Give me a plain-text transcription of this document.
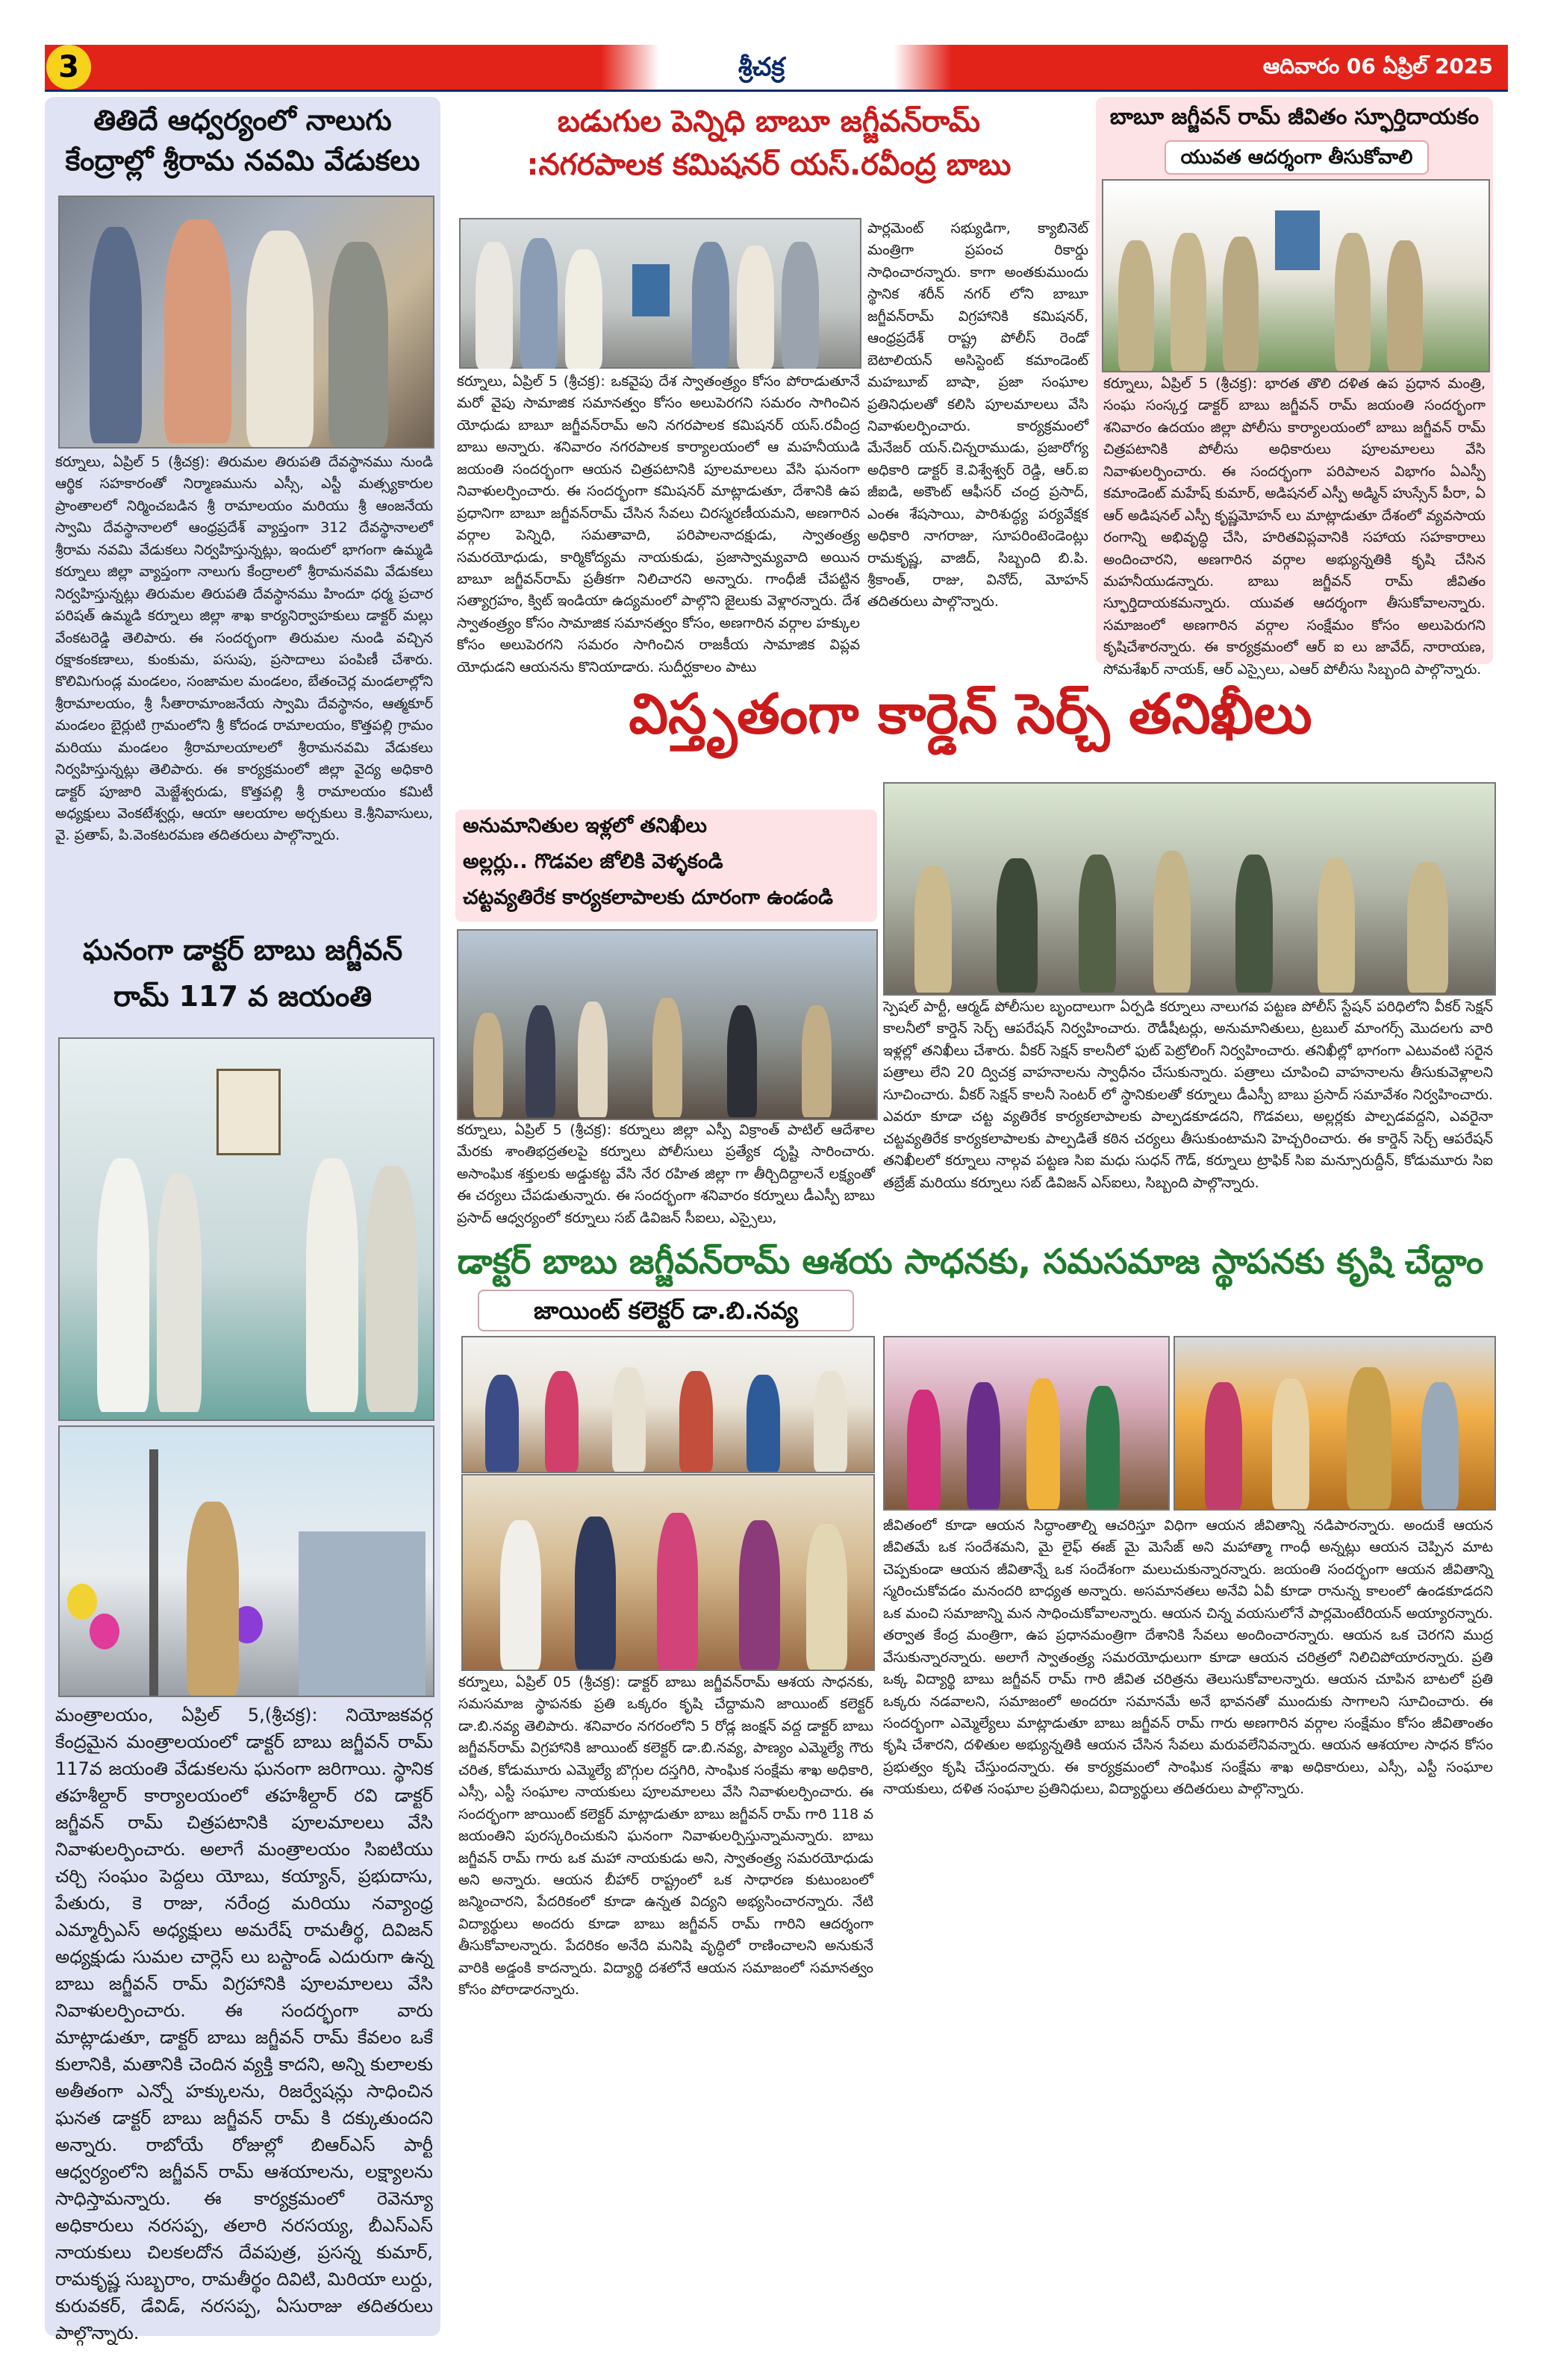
3	శ్రీచక్ర	ఆదివారం 06 ఏప్రిల్ 2025
తితిదే ఆధ్వర్యంలో నాలుగు
కేంద్రాల్లో శ్రీరామ నవమి వేడుకలు
కర్నూలు, ఏప్రిల్ 5 (శ్రీచక్ర): తిరుమల తిరుపతి దేవస్థానము నుండి ఆర్థిక సహకారంతో నిర్మాణమును ఎస్సీ, ఎస్టీ మత్స్యకారుల ప్రాంతాలలో నిర్మించబడిన శ్రీ రామాలయం మరియు శ్రీ ఆంజనేయ స్వామి దేవస్థానాలలో ఆంధ్రప్రదేశ్ వ్యాప్తంగా 312 దేవస్థానాలలో శ్రీరామ నవమి వేడుకలు నిర్వహిస్తున్నట్లు, ఇందులో భాగంగా ఉమ్మడి కర్నూలు జిల్లా వ్యాప్తంగా నాలుగు కేంద్రాలలో శ్రీరామనవమి వేడుకలు నిర్వహిస్తున్నట్లు తిరుమల తిరుపతి దేవస్థానము హిందూ ధర్మ ప్రచార పరిషత్ ఉమ్మడి కర్నూలు జిల్లా శాఖ కార్యనిర్వాహకులు డాక్టర్ మల్లు వేంకటరెడ్డి తెలిపారు. ఈ సందర్భంగా తిరుమల నుండి వచ్చిన రక్షాకంకణాలు, కుంకుమ, పసుపు, ప్రసాదాలు పంపిణీ చేశారు. కొలిమిగుండ్ల మండలం, సంజామల మండలం, బేతంచెర్ల మండలాల్లోని శ్రీరామాలయం, శ్రీ సీతారామాంజనేయ స్వామి దేవస్థానం, ఆత్మకూర్ మండలం బైర్లుటి గ్రామంలోని శ్రీ కోదండ రామాలయం, కొత్తపల్లి గ్రామం మరియు మండలం శ్రీరామాలయాలలో శ్రీరామనవమి వేడుకలు నిర్వహిస్తున్నట్లు తెలిపారు. ఈ కార్యక్రమంలో జిల్లా వైద్య అధికారి డాక్టర్ పూజారి మెజ్జేశ్వరుడు, కొత్తపల్లి శ్రీ రామాలయం కమిటీ అధ్యక్షులు వెంకటేశ్వర్లు, ఆయా ఆలయాల అర్చకులు కె.శ్రీనివాసులు, వై. ప్రతాప్, పి.వెంకటరమణ తదితరులు పాల్గొన్నారు.
ఘనంగా డాక్టర్ బాబు జగ్జీవన్
రామ్ 117 వ జయంతి
మంత్రాలయం, ఏప్రిల్ 5,(శ్రీచక్ర): నియోజకవర్గ కేంద్రమైన మంత్రాలయంలో డాక్టర్ బాబు జగ్జీవన్ రామ్ 117వ జయంతి వేడుకలను ఘనంగా జరిగాయి. స్థానిక తహశీల్దార్ కార్యాలయంలో తహశీల్దార్ రవి డాక్టర్ జగ్జీవన్ రామ్ చిత్రపటానికి పూలమాలలు వేసి నివాళులర్పించారు. అలాగే మంత్రాలయం సిఐటియు చర్చి సంఘం పెద్దలు యోబు, కయ్యాన్, ప్రభుదాసు, పేతురు, కె రాజు, నరేంద్ర మరియు నవ్యాంధ్ర ఎమ్మార్పీఎస్ అధ్యక్షులు అమరేష్ రామతీర్థ, దివిజన్ అధ్యక్షుడు సుమల చార్లెస్ లు బస్టాండ్ ఎదురుగా ఉన్న బాబు జగ్జీవన్ రామ్ విగ్రహానికి పూలమాలలు వేసి నివాళులర్పించారు. ఈ సందర్భంగా వారు మాట్లాడుతూ, డాక్టర్ బాబు జగ్జీవన్ రామ్ కేవలం ఒకే కులానికి, మతానికి చెందిన వ్యక్తి కాదని, అన్ని కులాలకు అతీతంగా ఎన్నో హక్కులను, రిజర్వేషన్లు సాధించిన ఘనత డాక్టర్ బాబు జగ్జీవన్ రామ్ కి దక్కుతుందని అన్నారు. రాబోయే రోజుల్లో బిఆర్ఎస్ పార్టీ ఆధ్వర్యంలోని జగ్జీవన్ రామ్ ఆశయాలను, లక్ష్యాలను సాధిస్తామన్నారు. ఈ కార్యక్రమంలో రెవెన్యూ అధికారులు నరసప్ప, తలారి నరసయ్య, బీఎస్ఎస్ నాయకులు చిలకలదోన దేవపుత్ర, ప్రసన్న కుమార్, రామకృష్ణ సుబ్బరాం, రామతీర్థం దివిటి, మిరియా లుర్దు, కురువకర్, డేవిడ్, నరసప్ప, ఏసురాజు తదితరులు పాల్గొన్నారు.
బడుగుల పెన్నిధి బాబూ జగ్జీవన్‌రామ్
:నగరపాలక కమిషనర్ యస్.రవీంద్ర బాబు
కర్నూలు, ఏప్రిల్ 5 (శ్రీచక్ర): ఒకవైపు దేశ స్వాతంత్ర్యం కోసం పోరాడుతూనే మరో వైపు సామాజిక సమానత్వం కోసం అలుపెరగని సమరం సాగించిన యోధుడు బాబూ జగ్జీవన్‌రామ్ అని నగరపాలక కమిషనర్ యస్.రవీంద్ర బాబు అన్నారు. శనివారం నగరపాలక కార్యాలయంలో ఆ మహనీయుడి జయంతి సందర్భంగా ఆయన చిత్రపటానికి పూలమాలలు వేసి ఘనంగా నివాళులర్పించారు. ఈ సందర్భంగా కమిషనర్ మాట్లాడుతూ, దేశానికి ఉప ప్రధానిగా బాబూ జగ్జీవన్‌రామ్ చేసిన సేవలు చిరస్మరణీయమని, అణగారిన వర్గాల పెన్నిధి, సమతావాది, పరిపాలనాదక్షుడు, స్వాతంత్ర్య సమరయోధుడు, కార్మికోద్యమ నాయకుడు, ప్రజాస్వామ్యవాది అయిన బాబూ జగ్జీవన్‌రామ్ ప్రతీకగా నిలిచారని అన్నారు. గాంధీజీ చేపట్టిన సత్యాగ్రహం, క్విట్ ఇండియా ఉద్యమంలో పాల్గొని జైలుకు వెళ్లారన్నారు. దేశ స్వాతంత్ర్యం కోసం సామాజిక సమానత్వం కోసం, అణగారిన వర్గాల హక్కుల కోసం అలుపెరగని సమరం సాగించిన రాజకీయ సామాజిక విప్లవ యోధుడని ఆయనను కొనియాడారు. సుదీర్ఘకాలం పాటు
పార్లమెంట్ సభ్యుడిగా, క్యాబినెట్ మంత్రిగా ప్రపంచ రికార్డు సాధించారన్నారు. కాగా అంతకుముందు స్థానిక శరీన్ నగర్ లోని బాబూ జగ్జీవన్‌రామ్ విగ్రహానికి కమిషనర్, ఆంధ్రప్రదేశ్ రాష్ట్ర పోలీస్ రెండో బెటాలియన్ అసిస్టెంట్ కమాండెంట్ మహబూబ్ బాషా, ప్రజా సంఘాల ప్రతినిధులతో కలిసి పూలమాలలు వేసి నివాళులర్పించారు. కార్యక్రమంలో మేనేజర్ యన్.చిన్నరాముడు, ప్రజారోగ్య అధికారి డాక్టర్ కె.విశ్వేశ్వర్ రెడ్డి, ఆర్.ఐ జీఐడి, అకౌంట్ ఆఫీసర్ చంద్ర ప్రసాద్, ఎంఈ శేషసాయి, పారిశుద్ధ్య పర్యవేక్షక అధికారి నాగరాజు, సూపరింటెండెంట్లు రామకృష్ణ, వాజిద్, సిబ్బంది బి.పి. శ్రీకాంత్, రాజు, వినోద్, మోహన్ తదితరులు పాల్గొన్నారు.
బాబూ జగ్జీవన్ రామ్ జీవితం స్ఫూర్తిదాయకం
యువత ఆదర్శంగా తీసుకోవాలి
కర్నూలు, ఏప్రిల్ 5 (శ్రీచక్ర): భారత తొలి దళిత ఉప ప్రధాన మంత్రి, సంఘ సంస్కర్త డాక్టర్ బాబు జగ్జీవన్ రామ్ జయంతి సందర్భంగా శనివారం ఉదయం జిల్లా పోలీసు కార్యాలయంలో బాబు జగ్జీవన్ రామ్ చిత్రపటానికి పోలీసు అధికారులు పూలమాలలు వేసి నివాళులర్పించారు. ఈ సందర్భంగా పరిపాలన విభాగం ఏఎస్పీ కమాండెంట్ మహేష్ కుమార్, అడిషనల్ ఎస్పీ అడ్మిన్ హుస్సేన్ పీరా, ఏ ఆర్ అడిషనల్ ఎస్పీ కృష్ణమోహన్ లు మాట్లాడుతూ దేశంలో వ్యవసాయ రంగాన్ని అభివృద్ధి చేసి, హరితవిప్లవానికి సహాయ సహకారాలు అందించారని, అణగారిన వర్గాల అభ్యున్నతికి కృషి చేసిన మహనీయుడన్నారు. బాబు జగ్జీవన్ రామ్ జీవితం స్ఫూర్తిదాయకమన్నారు. యువత ఆదర్శంగా తీసుకోవాలన్నారు. సమాజంలో అణగారిన వర్గాల సంక్షేమం కోసం అలుపెరుగని కృషిచేశారన్నారు. ఈ కార్యక్రమంలో ఆర్ ఐ లు జావేద్, నారాయణ, సోమశేఖర్ నాయక్, ఆర్ ఎస్సైలు, ఎఆర్ పోలీసు సిబ్బంది పాల్గొన్నారు.
విస్తృతంగా కార్డెన్ సెర్చ్ తనిఖీలు
అనుమానితుల ఇళ్లలో తనిఖీలు
అల్లర్లు.. గొడవల జోలికి వెళ్ళకండి
చట్టవ్యతిరేక కార్యకలాపాలకు దూరంగా ఉండండి
కర్నూలు, ఏప్రిల్ 5 (శ్రీచక్ర): కర్నూలు జిల్లా ఎస్పీ విక్రాంత్ పాటిల్ ఆదేశాల మేరకు శాంతిభద్రతలపై కర్నూలు పోలీసులు ప్రత్యేక దృష్టి సారించారు. అసాంఘిక శక్తులకు అడ్డుకట్ట వేసి నేర రహిత జిల్లా గా తీర్చిదిద్దాలనే లక్ష్యంతో ఈ చర్యలు చేపడుతున్నారు. ఈ సందర్భంగా శనివారం కర్నూలు డీఎస్పీ బాబు ప్రసాద్ ఆధ్వర్యంలో కర్నూలు సబ్ డివిజన్ సీఐలు, ఎస్సైలు,
స్పెషల్ పార్టీ, ఆర్మడ్ పోలీసుల బృందాలుగా ఏర్పడి కర్నూలు నాలుగవ పట్టణ పోలీస్ స్టేషన్ పరిధిలోని వీకర్ సెక్షన్ కాలనీలో కార్డెన్ సెర్చ్ ఆపరేషన్ నిర్వహించారు. రౌడీషీటర్లు, అనుమానితులు, ట్రబుల్ మాంగర్స్ మొదలగు వారి ఇళ్లల్లో తనిఖీలు చేశారు. వీకర్ సెక్షన్ కాలనీలో ఫుట్ పెట్రోలింగ్ నిర్వహించారు. తనిఖీల్లో భాగంగా ఎటువంటి సరైన పత్రాలు లేని 20 ద్విచక్ర వాహనాలను స్వాధీనం చేసుకున్నారు. పత్రాలు చూపించి వాహనాలను తీసుకువెళ్లాలని సూచించారు. వీకర్ సెక్షన్ కాలనీ సెంటర్ లో స్థానికులతో కర్నూలు డీఎస్పీ బాబు ప్రసాద్ సమావేశం నిర్వహించారు. ఎవరూ కూడా చట్ట వ్యతిరేక కార్యకలాపాలకు పాల్పడకూడదని, గొడవలు, అల్లర్లకు పాల్పడవద్దని, ఎవరైనా చట్టవ్యతిరేక కార్యకలాపాలకు పాల్పడితే కఠిన చర్యలు తీసుకుంటామని హెచ్చరించారు. ఈ కార్డెన్ సెర్చ్ ఆపరేషన్ తనిఖీలలో కర్నూలు నాల్గవ పట్టణ సిఐ మధు సుధన్ గౌడ్, కర్నూలు ట్రాఫిక్ సిఐ మన్సూరుద్దీన్, కోడుమూరు సిఐ తబ్రేజ్ మరియు కర్నూలు సబ్ డివిజన్ ఎస్ఐలు, సిబ్బంది పాల్గొన్నారు.
డాక్టర్ బాబు జగ్జీవన్‌రామ్ ఆశయ సాధనకు, సమసమాజ స్థాపనకు కృషి చేద్దాం
జాయింట్ కలెక్టర్ డా.బి.నవ్య
కర్నూలు, ఏప్రిల్ 05 (శ్రీచక్ర): డాక్టర్ బాబు జగ్జీవన్‌రామ్ ఆశయ సాధనకు, సమసమాజ స్థాపనకు ప్రతి ఒక్కరం కృషి చేద్దామని జాయింట్ కలెక్టర్ డా.బి.నవ్య తెలిపారు. శనివారం నగరంలోని 5 రోడ్ల జంక్షన్ వద్ద డాక్టర్ బాబు జగ్జీవన్‌రామ్ విగ్రహానికి జాయింట్ కలెక్టర్ డా.బి.నవ్య, పాణ్యం ఎమ్మెల్యే గౌరు చరిత, కోడుమూరు ఎమ్మెల్యే బొగ్గుల దస్తగిరి, సాంఘిక సంక్షేమ శాఖ అధికారి, ఎస్సీ, ఎస్టీ సంఘాల నాయకులు పూలమాలలు వేసి నివాళులర్పించారు. ఈ సందర్భంగా జాయింట్ కలెక్టర్ మాట్లాడుతూ బాబు జగ్జీవన్ రామ్ గారి 118 వ జయంతిని పురస్కరించుకుని ఘనంగా నివాళులర్పిస్తున్నామన్నారు. బాబు జగ్జీవన్ రామ్ గారు ఒక మహా నాయకుడు అని, స్వాతంత్ర్య సమరయోధుడు అని అన్నారు. ఆయన బీహార్ రాష్ట్రంలో ఒక సాధారణ కుటుంబంలో జన్మించారని, పేదరికంలో కూడా ఉన్నత విద్యని అభ్యసించారన్నారు. నేటి విద్యార్థులు అందరు కూడా బాబు జగ్జీవన్ రామ్ గారిని ఆదర్శంగా తీసుకోవాలన్నారు. పేదరికం అనేది మనిషి వృద్ధిలో రాణించాలని అనుకునే వారికి అడ్డంకి కాదన్నారు. విద్యార్థి దశలోనే ఆయన సమాజంలో సమానత్వం కోసం పోరాడారన్నారు.
జీవితంలో కూడా ఆయన సిద్ధాంతాల్ని ఆచరిస్తూ విధిగా ఆయన జీవితాన్ని నడిపారన్నారు. అందుకే ఆయన జీవితమే ఒక సందేశమని, మై లైఫ్ ఈజ్ మై మెసేజ్ అని మహాత్మా గాంధీ అన్నట్లు ఆయన చెప్పిన మాట చెప్పకుండా ఆయన జీవితాన్నే ఒక సందేశంగా మలుచుకున్నారన్నారు. జయంతి సందర్భంగా ఆయన జీవితాన్ని స్మరించుకోవడం మనందరి బాధ్యత అన్నారు. అసమానతలు అనేవి ఏవీ కూడా రానున్న కాలంలో ఉండకూడదని ఒక మంచి సమాజాన్ని మన సాధించుకోవాలన్నారు. ఆయన చిన్న వయసులోనే పార్లమెంటేరియన్ అయ్యారన్నారు. తర్వాత కేంద్ర మంత్రిగా, ఉప ప్రధానమంత్రిగా దేశానికి సేవలు అందించారన్నారు. ఆయన ఒక చెరగని ముద్ర వేసుకున్నారన్నారు. అలాగే స్వాతంత్ర్య సమరయోధులుగా కూడా ఆయన చరిత్రలో నిలిచిపోయారన్నారు. ప్రతి ఒక్క విద్యార్థి బాబు జగ్జీవన్ రామ్ గారి జీవిత చరిత్రను తెలుసుకోవాలన్నారు. ఆయన చూపిన బాటలో ప్రతి ఒక్కరు నడవాలని, సమాజంలో అందరూ సమానమే అనే భావనతో ముందుకు సాగాలని సూచించారు. ఈ సందర్భంగా ఎమ్మెల్యేలు మాట్లాడుతూ బాబు జగ్జీవన్ రామ్ గారు అణగారిన వర్గాల సంక్షేమం కోసం జీవితాంతం కృషి చేశారని, దళితుల అభ్యున్నతికి ఆయన చేసిన సేవలు మరువలేనివన్నారు. ఆయన ఆశయాల సాధన కోసం ప్రభుత్వం కృషి చేస్తుందన్నారు. ఈ కార్యక్రమంలో సాంఘిక సంక్షేమ శాఖ అధికారులు, ఎస్సీ, ఎస్టీ సంఘాల నాయకులు, దళిత సంఘాల ప్రతినిధులు, విద్యార్థులు తదితరులు పాల్గొన్నారు.
